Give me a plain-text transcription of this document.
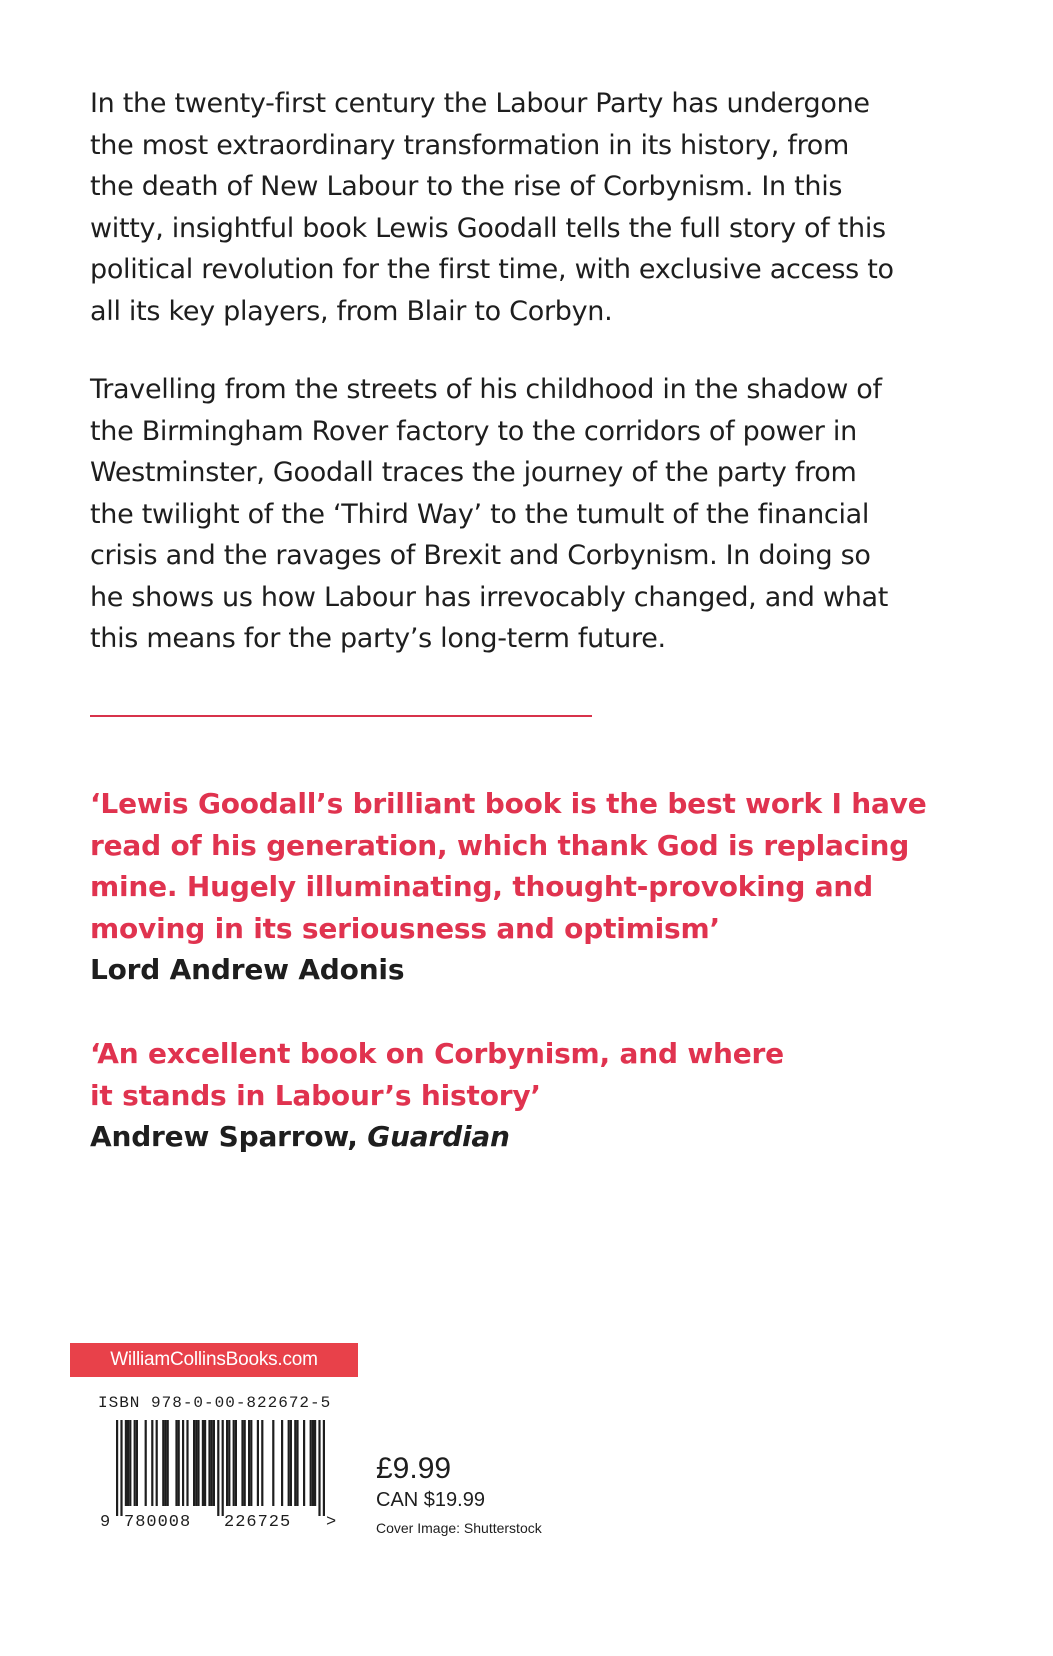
In the twenty-first century the Labour Party has undergone
the most extraordinary transformation in its history, from
the death of New Labour to the rise of Corbynism. In this
witty, insightful book Lewis Goodall tells the full story of this
political revolution for the first time, with exclusive access to
all its key players, from Blair to Corbyn.

Travelling from the streets of his childhood in the shadow of
the Birmingham Rover factory to the corridors of power in
Westminster, Goodall traces the journey of the party from
the twilight of the ‘Third Way’ to the tumult of the financial
crisis and the ravages of Brexit and Corbynism. In doing so
he shows us how Labour has irrevocably changed, and what
this means for the party’s long-term future.

‘Lewis Goodall’s brilliant book is the best work I have
read of his generation, which thank God is replacing
mine. Hugely illuminating, thought-provoking and
moving in its seriousness and optimism’

Lord Andrew Adonis

‘An excellent book on Corbynism, and where
it stands in Labour’s history’

Andrew Sparrow, Guardian

WilliamCollinsBooks.com
ISBN 978-0-00-822672-5
9 780008 226725 >
£9.99
CAN $19.99
Cover Image: Shutterstock
